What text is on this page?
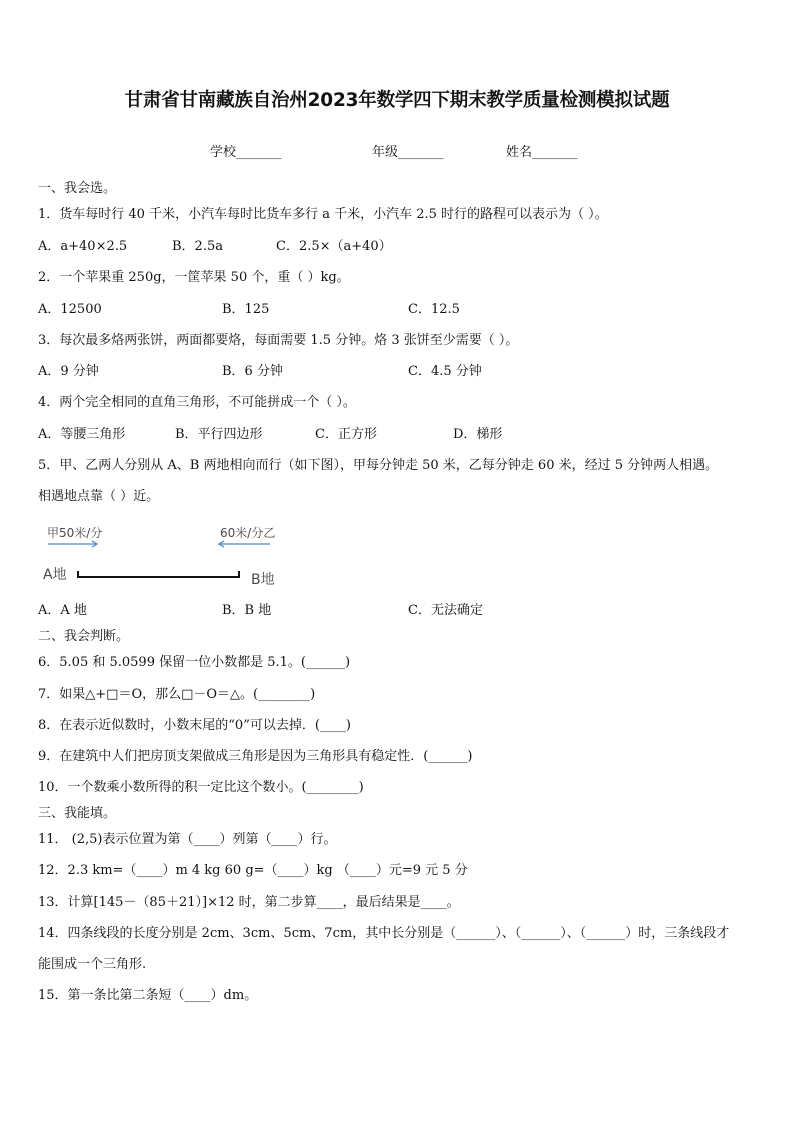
甘肃省甘南藏族自治州2023年数学四下期末教学质量检测模拟试题
学校_______	年级_______	姓名_______
一、我会选。
1．货车每时行 40 千米，小汽车每时比货车多行 a 千米，小汽车 2.5 时行的路程可以表示为（ ）。
A．a+40×2.5	B．2.5a	C．2.5×（a+40）
2．一个苹果重 250g，一筐苹果 50 个，重（ ）kg。
A．12500	B．125	C．12.5
3．每次最多烙两张饼，两面都要烙，每面需要 1.5 分钟。烙 3 张饼至少需要（ ）。
A．9 分钟	B．6 分钟	C．4.5 分钟
4．两个完全相同的直角三角形，不可能拼成一个（ ）。
A．等腰三角形	B．平行四边形	C．正方形	D．梯形
5．甲、乙两人分别从 A、B 两地相向而行（如下图），甲每分钟走 50 米，乙每分钟走 60 米，经过 5 分钟两人相遇。
相遇地点靠（ ）近。
甲50米/分	60米/分乙
A地	B地
A．A 地	B．B 地	C．无法确定
二、我会判断。
6．5.05 和 5.0599 保留一位小数都是 5.1。(______)
7．如果△+□＝O，那么□－O＝△。(________)
8．在表示近似数时，小数末尾的“0”可以去掉．(____)
9．在建筑中人们把房顶支架做成三角形是因为三角形具有稳定性．(______)
10．一个数乘小数所得的积一定比这个数小。(________)
三、我能填。
11． (2,5)表示位置为第（____）列第（____）行。
12．2.3 km=（____）m 4 kg 60 g=（____）kg （____）元=9 元 5 分
13．计算[145－（85＋21）]×12 时，第二步算____，最后结果是____。
14．四条线段的长度分别是 2cm、3cm、5cm、7cm，其中长分别是（______）、（______）、（______）时，三条线段才
能围成一个三角形.
15．第一条比第二条短（____）dm。
